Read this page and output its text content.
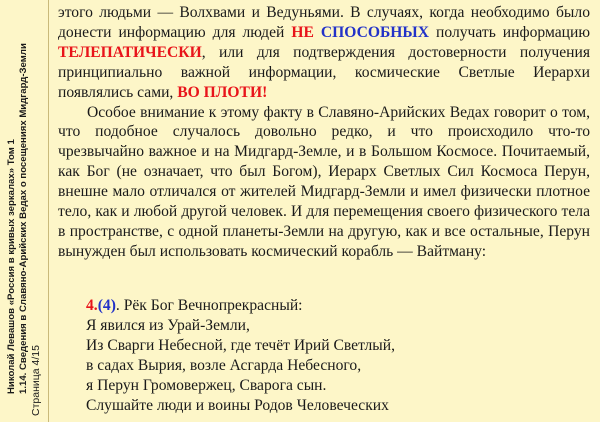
Николай Левашов «Россия в кривых зеркалах» Том 1 1.14. Сведения в Славяно-Арийских Ведах о посещениях Мидгард-Земли Страница 4/15

этого людьми — Волхвами и Ведуньями. В случаях, когда необходимо было донести информацию для людей НЕ СПОСОБНЫХ получать информацию ТЕЛЕПАТИЧЕСКИ, или для подтверждения достоверности получения принципиально важной информации, космические Светлые Иерархи появлялись сами, ВО ПЛОТИ!

Особое внимание к этому факту в Славяно-Арийских Ведах говорит о том, что подобное случалось довольно редко, и что происходило что-то чрезвычайно важное и на Мидгард-Земле, и в Большом Космосе. Почитаемый, как Бог (не означает, что был Богом), Иерарх Светлых Сил Космоса Перун, внешне мало отличался от жителей Мидгард-Земли и имел физически плотное тело, как и любой другой человек. И для перемещения своего физического тела в пространстве, с одной планеты-Земли на другую, как и все остальные, Перун вынужден был использовать космический корабль — Вайтману:

4.(4). Рёк Бог Вечнопрекрасный:
Я явился из Урай-Земли,
Из Сварги Небесной, где течёт Ирий Светлый,
в садах Вырия, возле Асгарда Небесного,
я Перун Громовержец, Сварога сын.
Слушайте люди и воины Родов Человеческих
